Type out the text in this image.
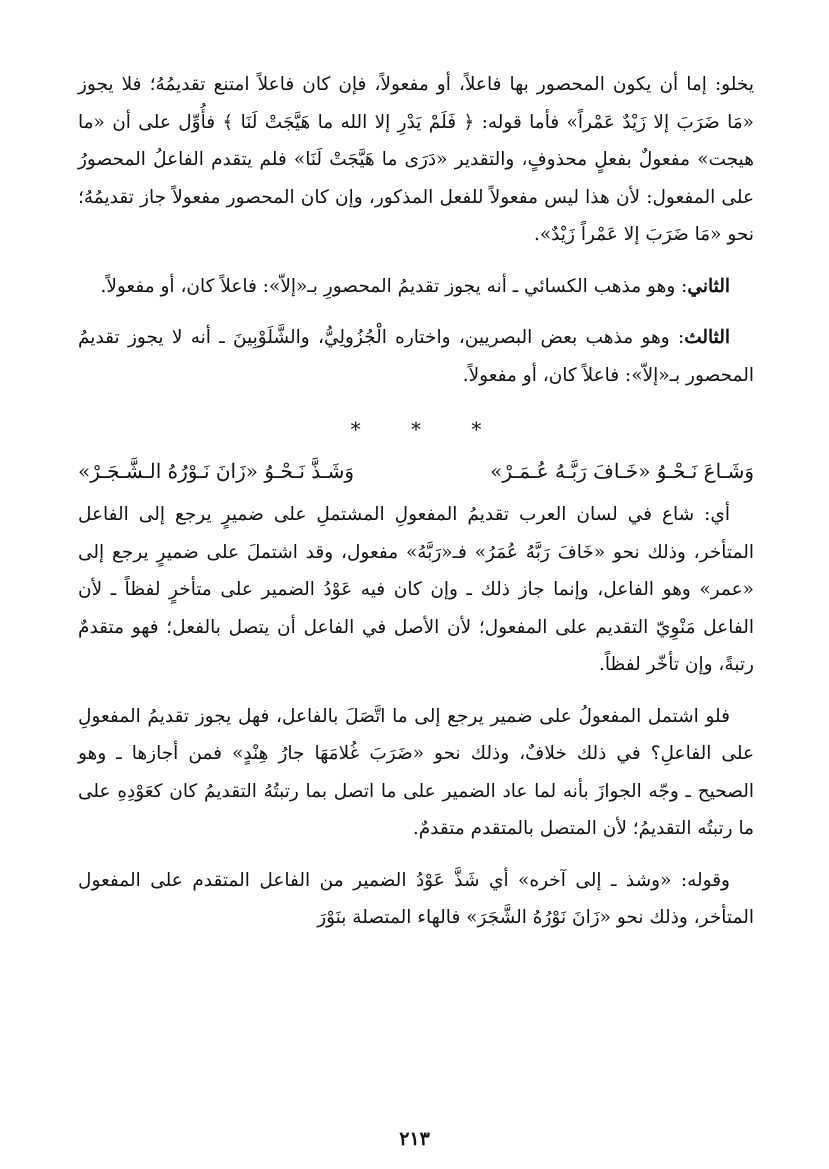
يخلو: إما أن يكون المحصور بها فاعلاً، أو مفعولاً، فإن كان فاعلاً امتنع تقديمُهُ؛ فلا يجوز «مَا ضَرَبَ إلا زَيْدٌ عَمْراً» فأما قوله: ﴿ فَلَمْ يَدْرِ إلا الله ما هَيَّجَتْ لَنَا ﴾ فأُوِّل على أن «ما هيجت» مفعولٌ بفعلٍ محذوفٍ، والتقدير «دَرَى ما هَيَّجَتْ لَنَا» فلم يتقدم الفاعلُ المحصورُ على المفعول: لأن هذا ليس مفعولاً للفعل المذكور، وإن كان المحصور مفعولاً جاز تقديمُهُ؛ نحو «مَا ضَرَبَ إلا عَمْراً زَيْدٌ».

الثاني: وهو مذهب الكسائي ـ أنه يجوز تقديمُ المحصورِ بـ«إلاّ»: فاعلاً كان، أو مفعولاً.

الثالث: وهو مذهب بعض البصريين، واختاره الْجُزُولِيُّ، والشَّلَوْبِينَ ـ أنه لا يجوز تقديمُ المحصور بـ«إلاّ»: فاعلاً كان، أو مفعولاً.

* * *
وَشَـاعَ نَـحْـوُ «خَـافَ رَبَّـهُ عُـمَـرْ»
وَشَـذَّ نَـحْـوُ «زَانَ نَـوْرُهُ الـشَّـجَـرْ»

أي: شاع في لسان العرب تقديمُ المفعولِ المشتملِ على ضميرٍ يرجع إلى الفاعل المتأخر، وذلك نحو «خَافَ رَبَّهُ عُمَرُ» فـ«رَبَّهُ» مفعول، وقد اشتملَ على ضميرٍ يرجع إلى «عمر» وهو الفاعل، وإنما جاز ذلك ـ وإن كان فيه عَوْدُ الضمير على متأخرٍ لفظاً ـ لأن الفاعل مَنْوِيّ التقديم على المفعول؛ لأن الأصل في الفاعل أن يتصل بالفعل؛ فهو متقدمٌ رتبةً، وإن تأخّر لفظاً.

فلو اشتمل المفعولُ على ضمير يرجع إلى ما اتَّصَلَ بالفاعل، فهل يجوز تقديمُ المفعولِ على الفاعلِ؟ في ذلك خلافٌ، وذلك نحو «ضَرَبَ غُلامَهَا جارُ هِنْدٍ» فمن أجازها ـ وهو الصحيح ـ وجّه الجوازَ بأنه لما عاد الضمير على ما اتصل بما رتبتُهُ التقديمُ كان كعَوْدِهِ على ما رتبتُه التقديمُ؛ لأن المتصل بالمتقدم متقدمٌ.

وقوله: «وشذ ـ إلى آخره» أي شَذَّ عَوْدُ الضمير من الفاعل المتقدم على المفعول المتأخر، وذلك نحو «زَانَ نَوْرُهُ الشَّجَرَ» فالهاء المتصلة بنَوْرَ

٢١٣
